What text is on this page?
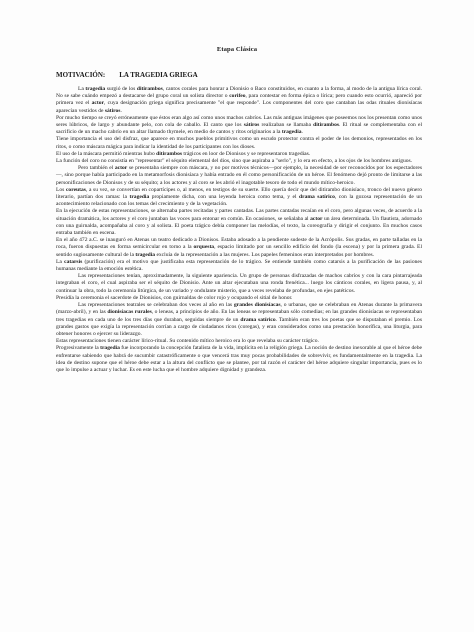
Etapa Clásica
MOTIVACIÓN: LA TRAGEDIA GRIEGA

La tragedia surgió de los ditirambos, cantos corales para honrar a Dionisio o Baco constituidos, en cuanto a la forma, al modo de la antigua lírica coral. No se sabe cuándo empezó a destacarse del grupo coral un solista director o corifeo, para contestar en forma épica o lírica; pero cuando esto ocurrió, apareció por primera vez el actor, cuya designación griega significa precisamente "el que responde". Los componentes del coro que cantaban las odas rituales dionisíacas aparecían vestidos de sátiros.

Por mucho tiempo se creyó erróneamente que éstos eran algo así como unos machos cabríos. Las más antiguas imágenes que poseemos nos los presentan como unos seres lúbricos, de largo y abundante pelo, con cola de caballo. El canto que los sátiros realizaban se llamaba ditirambos. El ritual se complementaba con el sacrificio de un macho cabrío en un altar llamado thymele, en medio de cantos y ritos originarios a la tragedia.

Tiene importancia el uso del disfraz, que aparece en muchos pueblos primitivos como un escudo protector contra el poder de los demonios, representados en los ritos, o como máscara mágica para indicar la identidad de los participantes con los dioses.

El uso de la máscara permitió mientras hubo ditirambos trágicos en loor de Dionisos y se representaron tragedias.

La función del coro no consistía en "representar" el séquito elemental del dios, sino que aspiraba a "serlo", y lo era en efecto, a los ojos de los hombres antiguos.

Pero también el actor se presentaba siempre con máscara, y no por motivos técnicos—por ejemplo, la necesidad de ser reconocidos por los espectadores—, sino porque había participado en la metamorfosis dionisíaca y había entrado en él como personificación de un héroe. El fenómeno dejó pronto de limitarse a las personificaciones de Dionisos y de su séquito; a los actores y al coro se les abrió el inagotable tesoro de todo el mundo mítico-heroico.

Los coreutas, a su vez, se convertían en copartícipes o, al menos, en testigos de su suerte. Ello quería decir que del ditirambo dionisíaco, tronco del nuevo género literario, partían dos ramas: la tragedia propiamente dicha, con una leyenda heroica como tema, y el drama satírico, con la gozosa representación de un acontecimiento relacionado con los temas del crecimiento y de la vegetación.

En la ejecución de estas representaciones, se alternaba partes recitadas y partes cantadas. Las partes cantadas recaían en el coro, pero algunas veces, de acuerdo a la situación dramática, los actores y el coro juntaban las voces para entonar en común. En ocasiones, se señalaba al actor un área determinada. Un flautista, adornado con una guirnalda, acompañaba al coro y al solista. El poeta trágico debía componer las melodías, el texto, la coreografía y dirigir el conjunto. En muchos casos entraba también en escena.

En el año 472 a.C. se inauguró en Atenas un teatro dedicado a Dionisos. Estaba adosado a la pendiente sudeste de la Acrópolis. Sus gradas, en parte talladas en la roca, fueron dispuestas en forma semicircular en torno a la orquesta, espacio limitado por un sencillo edificio del fondo (la escena) y por la primera grada. El sentido sugiosamente cultural de la tragedia excluía de la representación a las mujeres. Los papeles femeninos eran interpretados por hombres.

La catarsis (purificación) era el motivo que justificaba esta representación de lo trágico. Se entiende también como catarsis a la purificación de las pasiones humanas mediante la emoción estética.

Las representaciones tenían, aproximadamente, la siguiente apariencia. Un grupo de personas disfrazadas de machos cabríos y con la cara pintarrajeada integraban el coro, el cual aspiraba ser el séquito de Dionisio. Ante un altar ejecutaban una ronda frenética... luego los cánticos corales, en ligera pausa, y, al continuar la obra, todo la ceremonia litúrgica, de un variado y ondulante misterio, que a veces revelaba de profundas, en ejes patéticos.

Presidía la ceremonia el sacerdote de Dionisios, con guirnaldas de color rojo y ocupando el sitial de honor.

Las representaciones teatrales se celebraban dos veces al año en las grandes dionisíacas, o urbanas, que se celebraban en Atenas durante la primavera (marzo-abril), y en las dionisíacas rurales, o leneas, a principios de año. En las leneas se representaban sólo comedias; en las grandes dionisíacas se representaban tres tragedias en cada uno de los tres días que duraban, seguidas siempre de un drama satírico. También eran tres los poetas que se disputaban el premio. Los grandes gastos que exigía la representación corrían a cargo de ciudadanos ricos (coregas), y eran considerados como una prestación honorífica, una liturgia, para obtener honores o ejercer su liderazgo.

Estas representaciones tienen carácter lírico-ritual. Su contenido mítico heroico era lo que revelaba su carácter trágico.

Progresivamente la tragedia fue incorporando la concepción fatalista de la vida, implícita en la religión griega. La noción de destino inexorable al que el héroe debe enfrentarse sabiendo que habrá de sucumbir catastróficamente o que vencerá tras muy pocas probabilidades de sobrevivir, es fundamentalmente en la tragedia. La idea de destino supone que el héroe debe estar a la altura del conflicto que se plantee, por tal razón el carácter del héroe adquiere singular importancia, pues es lo que lo impulse a actuar y luchar. Es en este lucha que el hombre adquiere dignidad y grandeza.
